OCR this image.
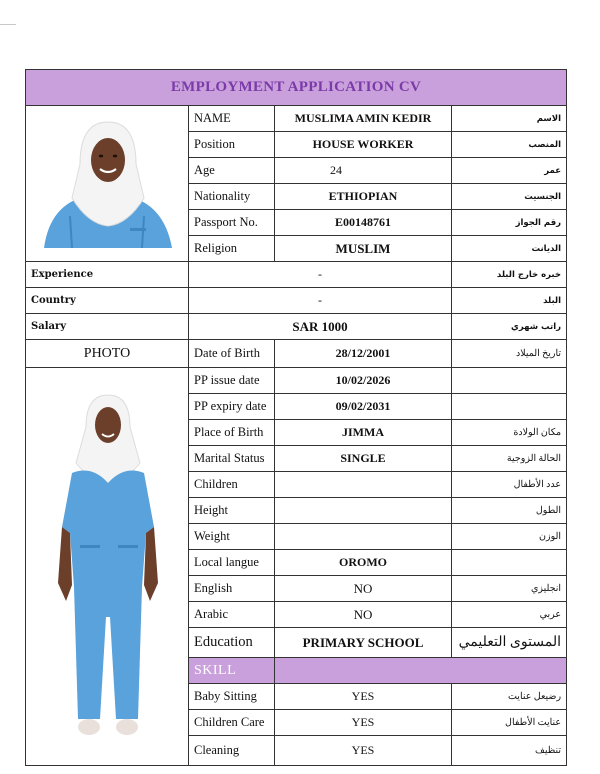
EMPLOYMENT APPLICATION CV			

	NAME	MUSLIMA AMIN KEDIR	الاسم
	Position	HOUSE WORKER	المنصب
	Age	24	عمر
	Nationality	ETHIOPIAN	الجنسيت
	Passport No.	E00148761	رقم الجواز
	Religion	MUSLIM	الديانت
Experience	-		خبره خارج البلد
Country	-		البلد
Salary	SAR 1000		راتب شهري
PHOTO	Date of Birth	28/12/2001	تاريخ الميلاد

	PP issue date	10/02/2026	
	PP expiry date	09/02/2031	
	Place of Birth	JIMMA	مكان الولادة
	Marital Status	SINGLE	الحالة الزوجية
	Children		عدد الأطفال
	Height		الطول
	Weight		الوزن
	Local langue	OROMO	
	English	NO	انجليزي
	Arabic	NO	عربي
	Education	PRIMARY SCHOOL	المستوى التعليمي
	SKILL		
	Baby Sitting	YES	رضيعل عنايت
	Children Care	YES	عنايت الأطفال
	Cleaning	YES	تنظيف
